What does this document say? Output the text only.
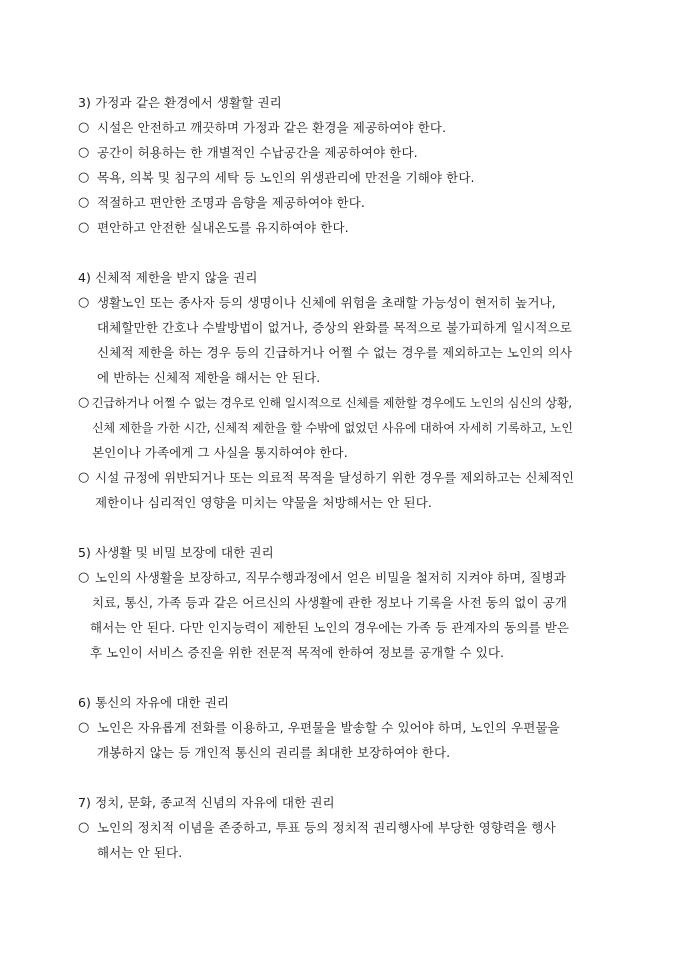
3) 가정과 같은 환경에서 생활할 권리
○ 시설은 안전하고 깨끗하며 가정과 같은 환경을 제공하여야 한다.
○ 공간이 허용하는 한 개별적인 수납공간을 제공하여야 한다.
○ 목욕, 의복 및 침구의 세탁 등 노인의 위생관리에 만전을 기해야 한다.
○ 적절하고 편안한 조명과 음향을 제공하여야 한다.
○ 편안하고 안전한 실내온도를 유지하여야 한다.
4) 신체적 제한을 받지 않을 권리
○ 생활노인 또는 종사자 등의 생명이나 신체에 위험을 초래할 가능성이 현저히 높거나,
대체할만한 간호나 수발방법이 없거나, 증상의 완화를 목적으로 불가피하게 일시적으로
신체적 제한을 하는 경우 등의 긴급하거나 어쩔 수 없는 경우를 제외하고는 노인의 의사
에 반하는 신체적 제한을 해서는 안 된다.
○ 긴급하거나 어쩔 수 없는 경우로 인해 일시적으로 신체를 제한할 경우에도 노인의 심신의 상황,
신체 제한을 가한 시간, 신체적 제한을 할 수밖에 없었던 사유에 대하여 자세히 기록하고, 노인
본인이나 가족에게 그 사실을 통지하여야 한다.
○ 시설 규정에 위반되거나 또는 의료적 목적을 달성하기 위한 경우를 제외하고는 신체적인
제한이나 심리적인 영향을 미치는 약물을 처방해서는 안 된다.
5) 사생활 및 비밀 보장에 대한 권리
○ 노인의 사생활을 보장하고, 직무수행과정에서 얻은 비밀을 철저히 지켜야 하며, 질병과
치료, 통신, 가족 등과 같은 어르신의 사생활에 관한 정보나 기록을 사전 동의 없이 공개
해서는 안 된다. 다만 인지능력이 제한된 노인의 경우에는 가족 등 관계자의 동의를 받은
후 노인이 서비스 증진을 위한 전문적 목적에 한하여 정보를 공개할 수 있다.
6) 통신의 자유에 대한 권리
○ 노인은 자유롭게 전화를 이용하고, 우편물을 발송할 수 있어야 하며, 노인의 우편물을
개봉하지 않는 등 개인적 통신의 권리를 최대한 보장하여야 한다.
7) 정치, 문화, 종교적 신념의 자유에 대한 권리
○ 노인의 정치적 이념을 존중하고, 투표 등의 정치적 권리행사에 부당한 영향력을 행사
해서는 안 된다.
